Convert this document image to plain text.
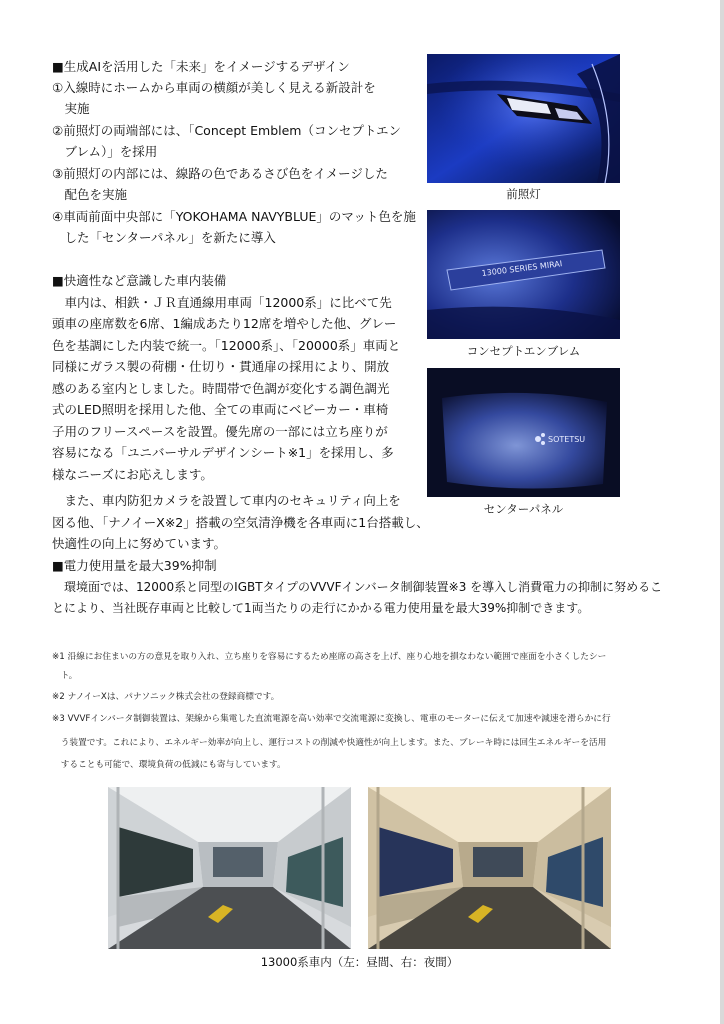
■生成AIを活用した「未来」をイメージするデザイン
①入線時にホームから車両の横顔が美しく見える新設計を
　実施
②前照灯の両端部には、「Concept Emblem（コンセプトエン
　ブレム）」を採用
③前照灯の内部には、線路の色であるさび色をイメージした
　配色を実施
④車両前面中央部に「YOKOHAMA NAVYBLUE」のマット色を施
　した「センターパネル」を新たに導入
■快適性など意識した車内装備
　車内は、相鉄・ＪＲ直通線用車両「12000系」に比べて先
頭車の座席数を6席、1編成あたり12席を増やした他、グレー
色を基調にした内装で統一。「12000系」、「20000系」車両と
同様にガラス製の荷棚・仕切り・貫通扉の採用により、開放
感のある室内としました。時間帯で色調が変化する調色調光
式のLED照明を採用した他、全ての車両にベビーカー・車椅
子用のフリースペースを設置。優先席の一部には立ち座りが
容易になる「ユニバーサルデザインシート※1」を採用し、多
様なニーズにお応えします。
　また、車内防犯カメラを設置して車内のセキュリティ向上を
図る他、「ナノイーX※2」搭載の空気清浄機を各車両に1台搭載し、
快適性の向上に努めています。
■電力使用量を最大39%抑制
　環境面では、12000系と同型のIGBTタイプのVVVFインバータ制御装置※3 を導入し消費電力の抑制に努めるこ
とにより、当社既存車両と比較して1両当たりの走行にかかる電力使用量を最大39%抑制できます。
※1 沿線にお住まいの方の意見を取り入れ、立ち座りを容易にするため座席の高さを上げ、座り心地を損なわない範囲で座面を小さくしたシー
　ト。
※2 ナノイーXは、パナソニック株式会社の登録商標です。
※3 VVVFインバータ制御装置は、架線から集電した直流電源を高い効率で交流電源に変換し、電車のモーターに伝えて加速や減速を滑らかに行
　う装置です。これにより、エネルギー効率が向上し、運行コストの削減や快適性が向上します。また、ブレーキ時には回生エネルギーを活用
　することも可能で、環境負荷の低減にも寄与しています。
前照灯
13000 SERIES MIRAI
コンセプトエンブレム
SOTETSU
センターパネル
13000系車内（左：昼間、右：夜間）
